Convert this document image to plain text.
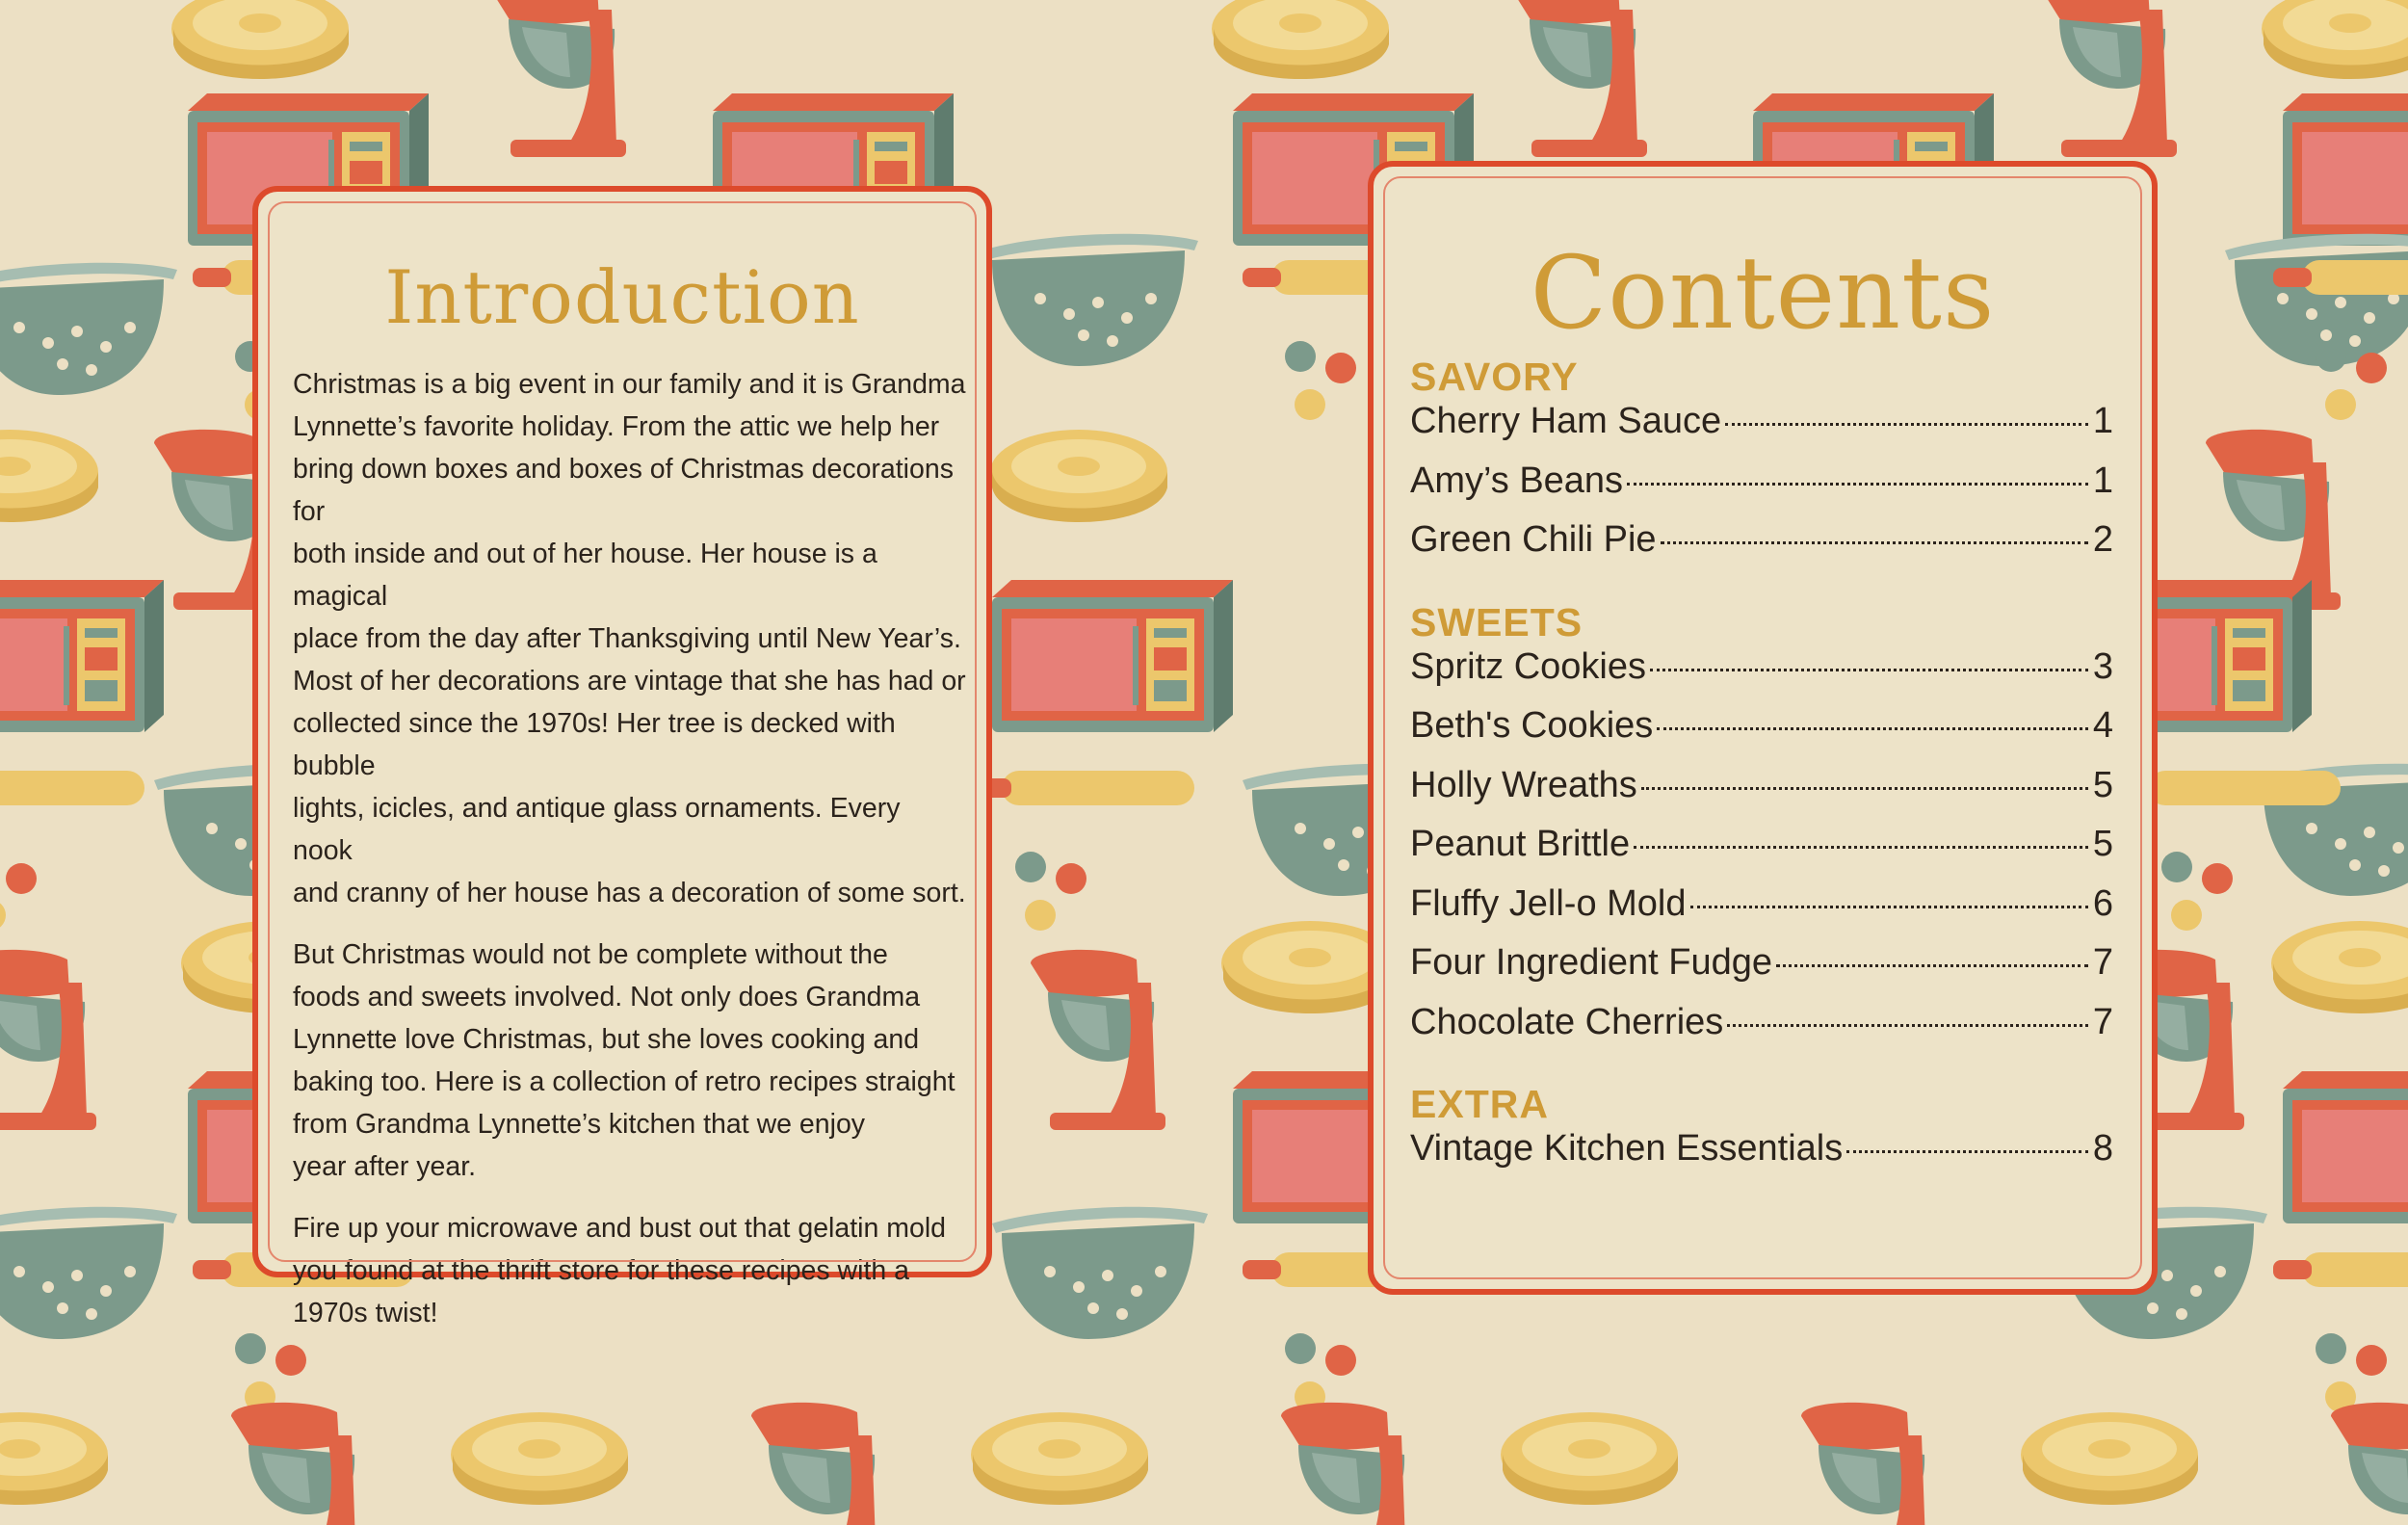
Introduction

Christmas is a big event in our family and it is Grandma
Lynnette’s favorite holiday. From the attic we help her
bring down boxes and boxes of Christmas decorations for
both inside and out of her house. Her house is a magical
place from the day after Thanksgiving until New Year’s.
Most of her decorations are vintage that she has had or
collected since the 1970s! Her tree is decked with bubble
lights, icicles, and antique glass ornaments. Every nook
and cranny of her house has a decoration of some sort.

But Christmas would not be complete without the
foods and sweets involved. Not only does Grandma
Lynnette love Christmas, but she loves cooking and
baking too. Here is a collection of retro recipes straight
from Grandma Lynnette’s kitchen that we enjoy
year after year.

Fire up your microwave and bust out that gelatin mold
you found at the thrift store for these recipes with a
1970s twist!

Contents
SAVORY
Cherry Ham Sauce	1
Amy’s Beans	1
Green Chili Pie	2
SWEETS
Spritz Cookies	3
Beth's Cookies	4
Holly Wreaths	5
Peanut Brittle	5
Fluffy Jell-o Mold	6
Four Ingredient Fudge	7
Chocolate Cherries	7
EXTRA
Vintage Kitchen Essentials	8
